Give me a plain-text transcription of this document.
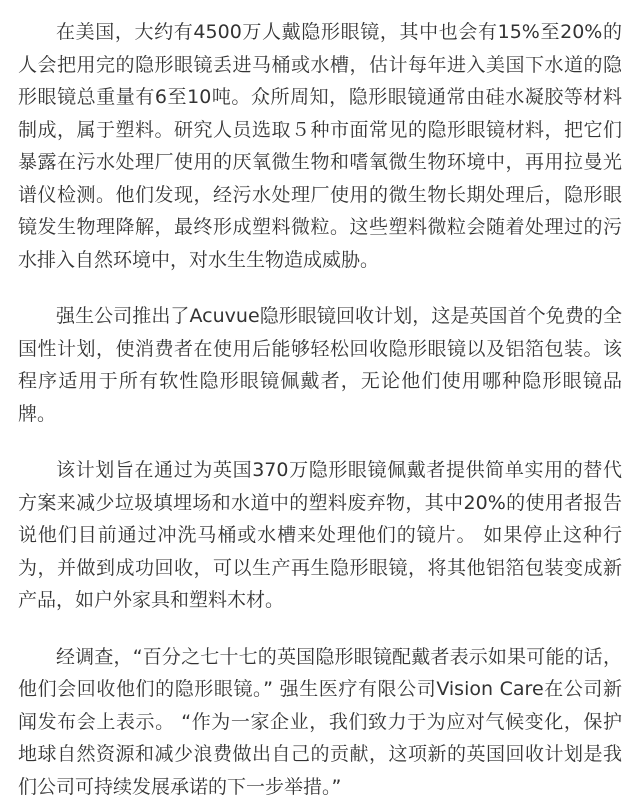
在美国，大约有4500万人戴隐形眼镜，其中也会有15%至20%的人会把用完的隐形眼镜丢进马桶或水槽，估计每年进入美国下水道的隐形眼镜总重量有6至10吨。众所周知，隐形眼镜通常由硅水凝胶等材料制成，属于塑料。研究人员选取５种市面常见的隐形眼镜材料，把它们暴露在污水处理厂使用的厌氧微生物和嗜氧微生物环境中，再用拉曼光谱仪检测。他们发现，经污水处理厂使用的微生物长期处理后，隐形眼镜发生物理降解，最终形成塑料微粒。这些塑料微粒会随着处理过的污水排入自然环境中，对水生生物造成威胁。

强生公司推出了Acuvue隐形眼镜回收计划，这是英国首个免费的全国性计划，使消费者在使用后能够轻松回收隐形眼镜以及铝箔包装。该程序适用于所有软性隐形眼镜佩戴者，无论他们使用哪种隐形眼镜品牌。

该计划旨在通过为英国370万隐形眼镜佩戴者提供简单实用的替代方案来减少垃圾填埋场和水道中的塑料废弃物，其中20%的使用者报告说他们目前通过冲洗马桶或水槽来处理他们的镜片。 如果停止这种行为，并做到成功回收，可以生产再生隐形眼镜，将其他铝箔包装变成新产品，如户外家具和塑料木材。

经调查，“百分之七十七的英国隐形眼镜配戴者表示如果可能的话，他们会回收他们的隐形眼镜。” 强生医疗有限公司Vision Care在公司新闻发布会上表示。 “作为一家企业，我们致力于为应对气候变化，保护地球自然资源和减少浪费做出自己的贡献，这项新的英国回收计划是我们公司可持续发展承诺的下一步举措。”
